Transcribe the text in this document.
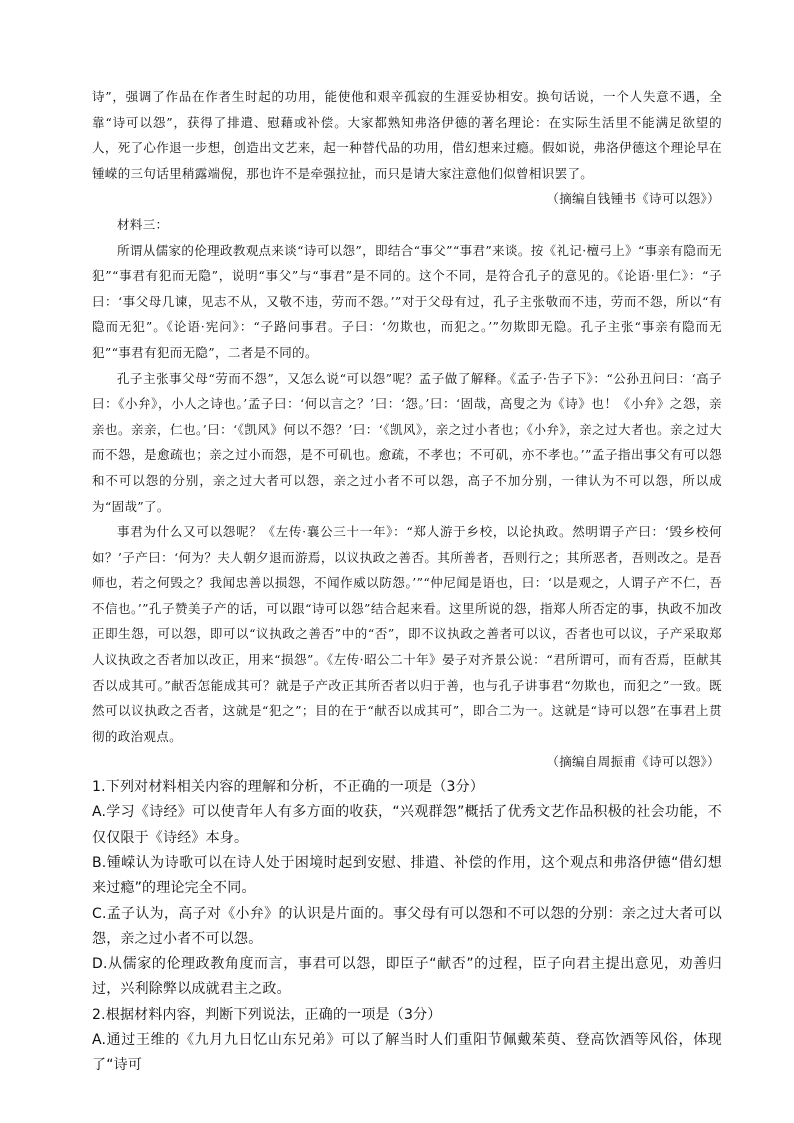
诗”，强调了作品在作者生时起的功用，能使他和艰辛孤寂的生涯妥协相安。换句话说，一个人失意不遇，全靠“诗可以怨”，获得了排遣、慰藉或补偿。大家都熟知弗洛伊德的著名理论：在实际生活里不能满足欲望的人，死了心作退一步想，创造出文艺来，起一种替代品的功用，借幻想来过瘾。假如说，弗洛伊德这个理论早在锺嵘的三句话里稍露端倪，那也许不是牵强拉扯，而只是请大家注意他们似曾相识罢了。

（摘编自钱锺书《诗可以怨》）

材料三：

所谓从儒家的伦理政教观点来谈“诗可以怨”，即结合“事父”“事君”来谈。按《礼记·檀弓上》“事亲有隐而无犯”“事君有犯而无隐”，说明“事父”与“事君”是不同的。这个不同，是符合孔子的意见的。《论语·里仁》：“子曰：‘事父母几谏，见志不从，又敬不违，劳而不怨。’”对于父母有过，孔子主张敬而不违，劳而不怨，所以“有隐而无犯”。《论语·宪问》：“子路问事君。子曰：‘勿欺也，而犯之。’”勿欺即无隐。孔子主张“事亲有隐而无犯”“事君有犯而无隐”，二者是不同的。

孔子主张事父母“劳而不怨”，又怎么说“可以怨”呢？孟子做了解释。《孟子·告子下》：“公孙丑问曰：‘高子曰：《小弁》，小人之诗也。’孟子曰：‘何以言之？’曰：‘怨。’曰：‘固哉，高叟之为《诗》也！《小弁》之怨，亲亲也。亲亲，仁也。’曰：‘《凯风》何以不怨？’曰：‘《凯风》，亲之过小者也；《小弁》，亲之过大者也。亲之过大而不怨，是愈疏也；亲之过小而怨，是不可矶也。愈疏，不孝也；不可矶，亦不孝也。’”孟子指出事父有可以怨和不可以怨的分别，亲之过大者可以怨，亲之过小者不可以怨，高子不加分别，一律认为不可以怨，所以成为“固哉”了。

事君为什么又可以怨呢？《左传·襄公三十一年》：“郑人游于乡校，以论执政。然明谓子产曰：‘毁乡校何如？’子产曰：‘何为？夫人朝夕退而游焉，以议执政之善否。其所善者，吾则行之；其所恶者，吾则改之。是吾师也，若之何毁之？我闻忠善以损怨，不闻作威以防怨。’”“仲尼闻是语也，曰：‘以是观之，人谓子产不仁，吾不信也。’”孔子赞美子产的话，可以跟“诗可以怨”结合起来看。这里所说的怨，指郑人所否定的事，执政不加改正即生怨，可以怨，即可以“议执政之善否”中的“否”，即不议执政之善者可以议，否者也可以议，子产采取郑人议执政之否者加以改正，用来“损怨”。《左传·昭公二十年》晏子对齐景公说：“君所谓可，而有否焉，臣献其否以成其可。”献否怎能成其可？就是子产改正其所否者以归于善，也与孔子讲事君“勿欺也，而犯之”一致。既然可以议执政之否者，这就是“犯之”；目的在于“献否以成其可”，即合二为一。这就是“诗可以怨”在事君上贯彻的政治观点。

（摘编自周振甫《诗可以怨》）

1.下列对材料相关内容的理解和分析，不正确的一项是（3分）

A.学习《诗经》可以使青年人有多方面的收获，“兴观群怨”概括了优秀文艺作品积极的社会功能，不仅仅限于《诗经》本身。

B.锺嵘认为诗歌可以在诗人处于困境时起到安慰、排遣、补偿的作用，这个观点和弗洛伊德“借幻想来过瘾”的理论完全不同。

C.孟子认为，高子对《小弁》的认识是片面的。事父母有可以怨和不可以怨的分别：亲之过大者可以怨，亲之过小者不可以怨。

D.从儒家的伦理政教角度而言，事君可以怨，即臣子“献否”的过程，臣子向君主提出意见，劝善归过，兴利除弊以成就君主之政。

2.根据材料内容，判断下列说法，正确的一项是（3分）

A.通过王维的《九月九日忆山东兄弟》可以了解当时人们重阳节佩戴茱萸、登高饮酒等风俗，体现了“诗可
